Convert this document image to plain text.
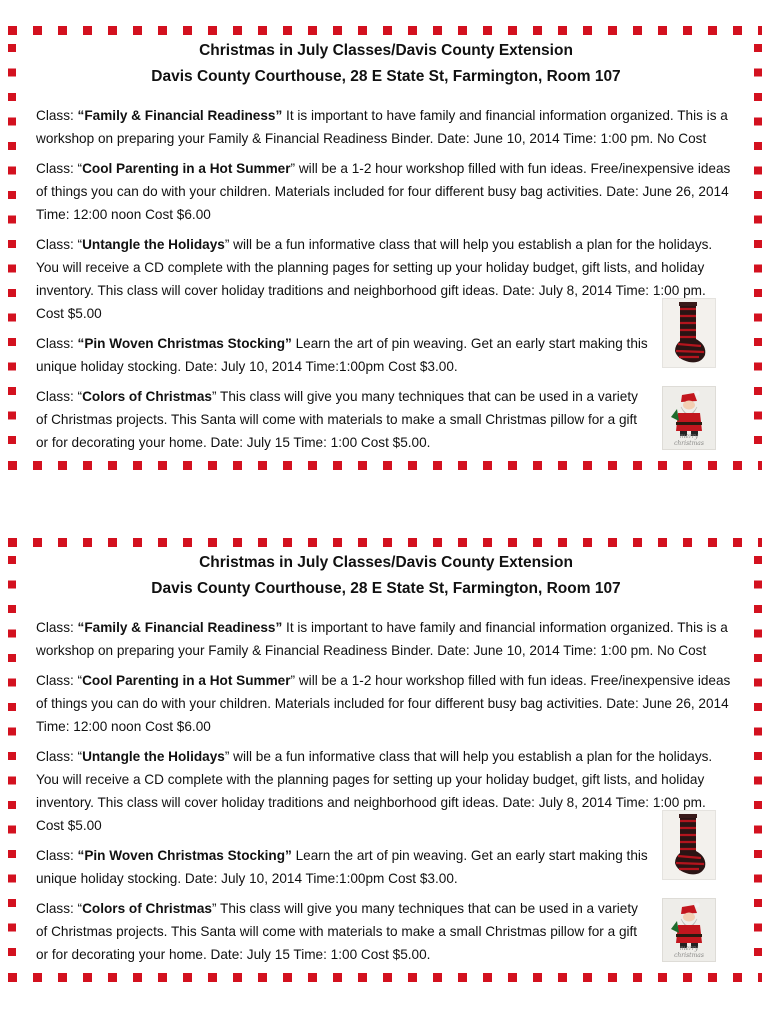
Christmas in July Classes/Davis County Extension

Davis County Courthouse, 28 E State St, Farmington, Room 107

Class: “Family & Financial Readiness” It is important to have family and financial information organized. This is a workshop on preparing your Family & Financial Readiness Binder. Date: June 10, 2014 Time: 1:00 pm. No Cost

Class: “Cool Parenting in a Hot Summer” will be a 1-2 hour workshop filled with fun ideas. Free/inexpensive ideas of things you can do with your children. Materials included for four different busy bag activities. Date: June 26, 2014 Time: 12:00 noon Cost $6.00

Class: “Untangle the Holidays” will be a fun informative class that will help you establish a plan for the holidays. You will receive a CD complete with the planning pages for setting up your holiday budget, gift lists, and holiday inventory. This class will cover holiday traditions and neighborhood gift ideas. Date: July 8, 2014 Time: 1:00 pm. Cost $5.00

Class: “Pin Woven Christmas Stocking” Learn the art of pin weaving. Get an early start making this unique holiday stocking. Date: July 10, 2014 Time:1:00pm Cost $3.00.

Class: “Colors of Christmas” This class will give you many techniques that can be used in a variety of Christmas projects. This Santa will come with materials to make a small Christmas pillow for a gift or for decorating your home. Date: July 15 Time: 1:00 Cost $5.00.	merry christmas

Christmas in July Classes/Davis County Extension

Davis County Courthouse, 28 E State St, Farmington, Room 107

Class: “Family & Financial Readiness” It is important to have family and financial information organized. This is a workshop on preparing your Family & Financial Readiness Binder. Date: June 10, 2014 Time: 1:00 pm. No Cost

Class: “Cool Parenting in a Hot Summer” will be a 1-2 hour workshop filled with fun ideas. Free/inexpensive ideas of things you can do with your children. Materials included for four different busy bag activities. Date: June 26, 2014 Time: 12:00 noon Cost $6.00

Class: “Untangle the Holidays” will be a fun informative class that will help you establish a plan for the holidays. You will receive a CD complete with the planning pages for setting up your holiday budget, gift lists, and holiday inventory. This class will cover holiday traditions and neighborhood gift ideas. Date: July 8, 2014 Time: 1:00 pm. Cost $5.00

Class: “Pin Woven Christmas Stocking” Learn the art of pin weaving. Get an early start making this unique holiday stocking. Date: July 10, 2014 Time:1:00pm Cost $3.00.

Class: “Colors of Christmas” This class will give you many techniques that can be used in a variety of Christmas projects. This Santa will come with materials to make a small Christmas pillow for a gift or for decorating your home. Date: July 15 Time: 1:00 Cost $5.00.	merry christmas
